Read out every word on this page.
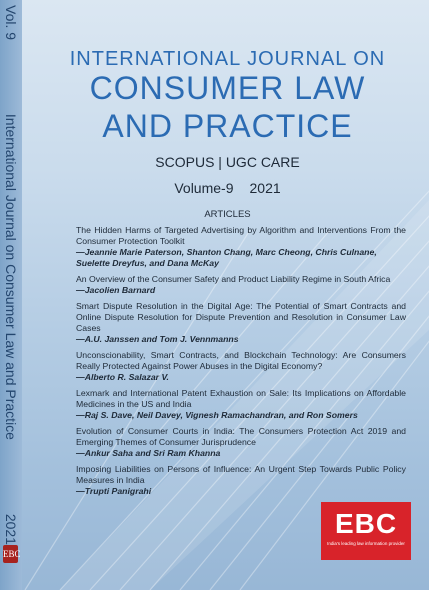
Vol. 9
International Journal on Consumer Law and Practice
2021
EBC
INTERNATIONAL JOURNAL ON
CONSUMER LAW
AND PRACTICE
SCOPUS | UGC CARE
Volume-9 2021
ARTICLES
The Hidden Harms of Targeted Advertising by Algorithm and Interventions From the Consumer Protection Toolkit
—Jeannie Marie Paterson, Shanton Chang, Marc Cheong, Chris Culnane, Suelette Dreyfus, and Dana McKay
An Overview of the Consumer Safety and Product Liability Regime in South Africa
—Jacolien Barnard
Smart Dispute Resolution in the Digital Age: The Potential of Smart Contracts and Online Dispute Resolution for Dispute Prevention and Resolution in Consumer Law Cases
—A.U. Janssen and Tom J. Vennmanns
Unconscionability, Smart Contracts, and Blockchain Technology: Are Consumers Really Protected Against Power Abuses in the Digital Economy?
—Alberto R. Salazar V.
Lexmark and International Patent Exhaustion on Sale: Its Implications on Affordable Medicines in the US and India
—Raj S. Dave, Neil Davey, Vignesh Ramachandran, and Ron Somers
Evolution of Consumer Courts in India: The Consumers Protection Act 2019 and Emerging Themes of Consumer Jurisprudence
—Ankur Saha and Sri Ram Khanna
Imposing Liabilities on Persons of Influence: An Urgent Step Towards Public Policy Measures in India
—Trupti Panigrahi
EBC
India's leading law information provider
